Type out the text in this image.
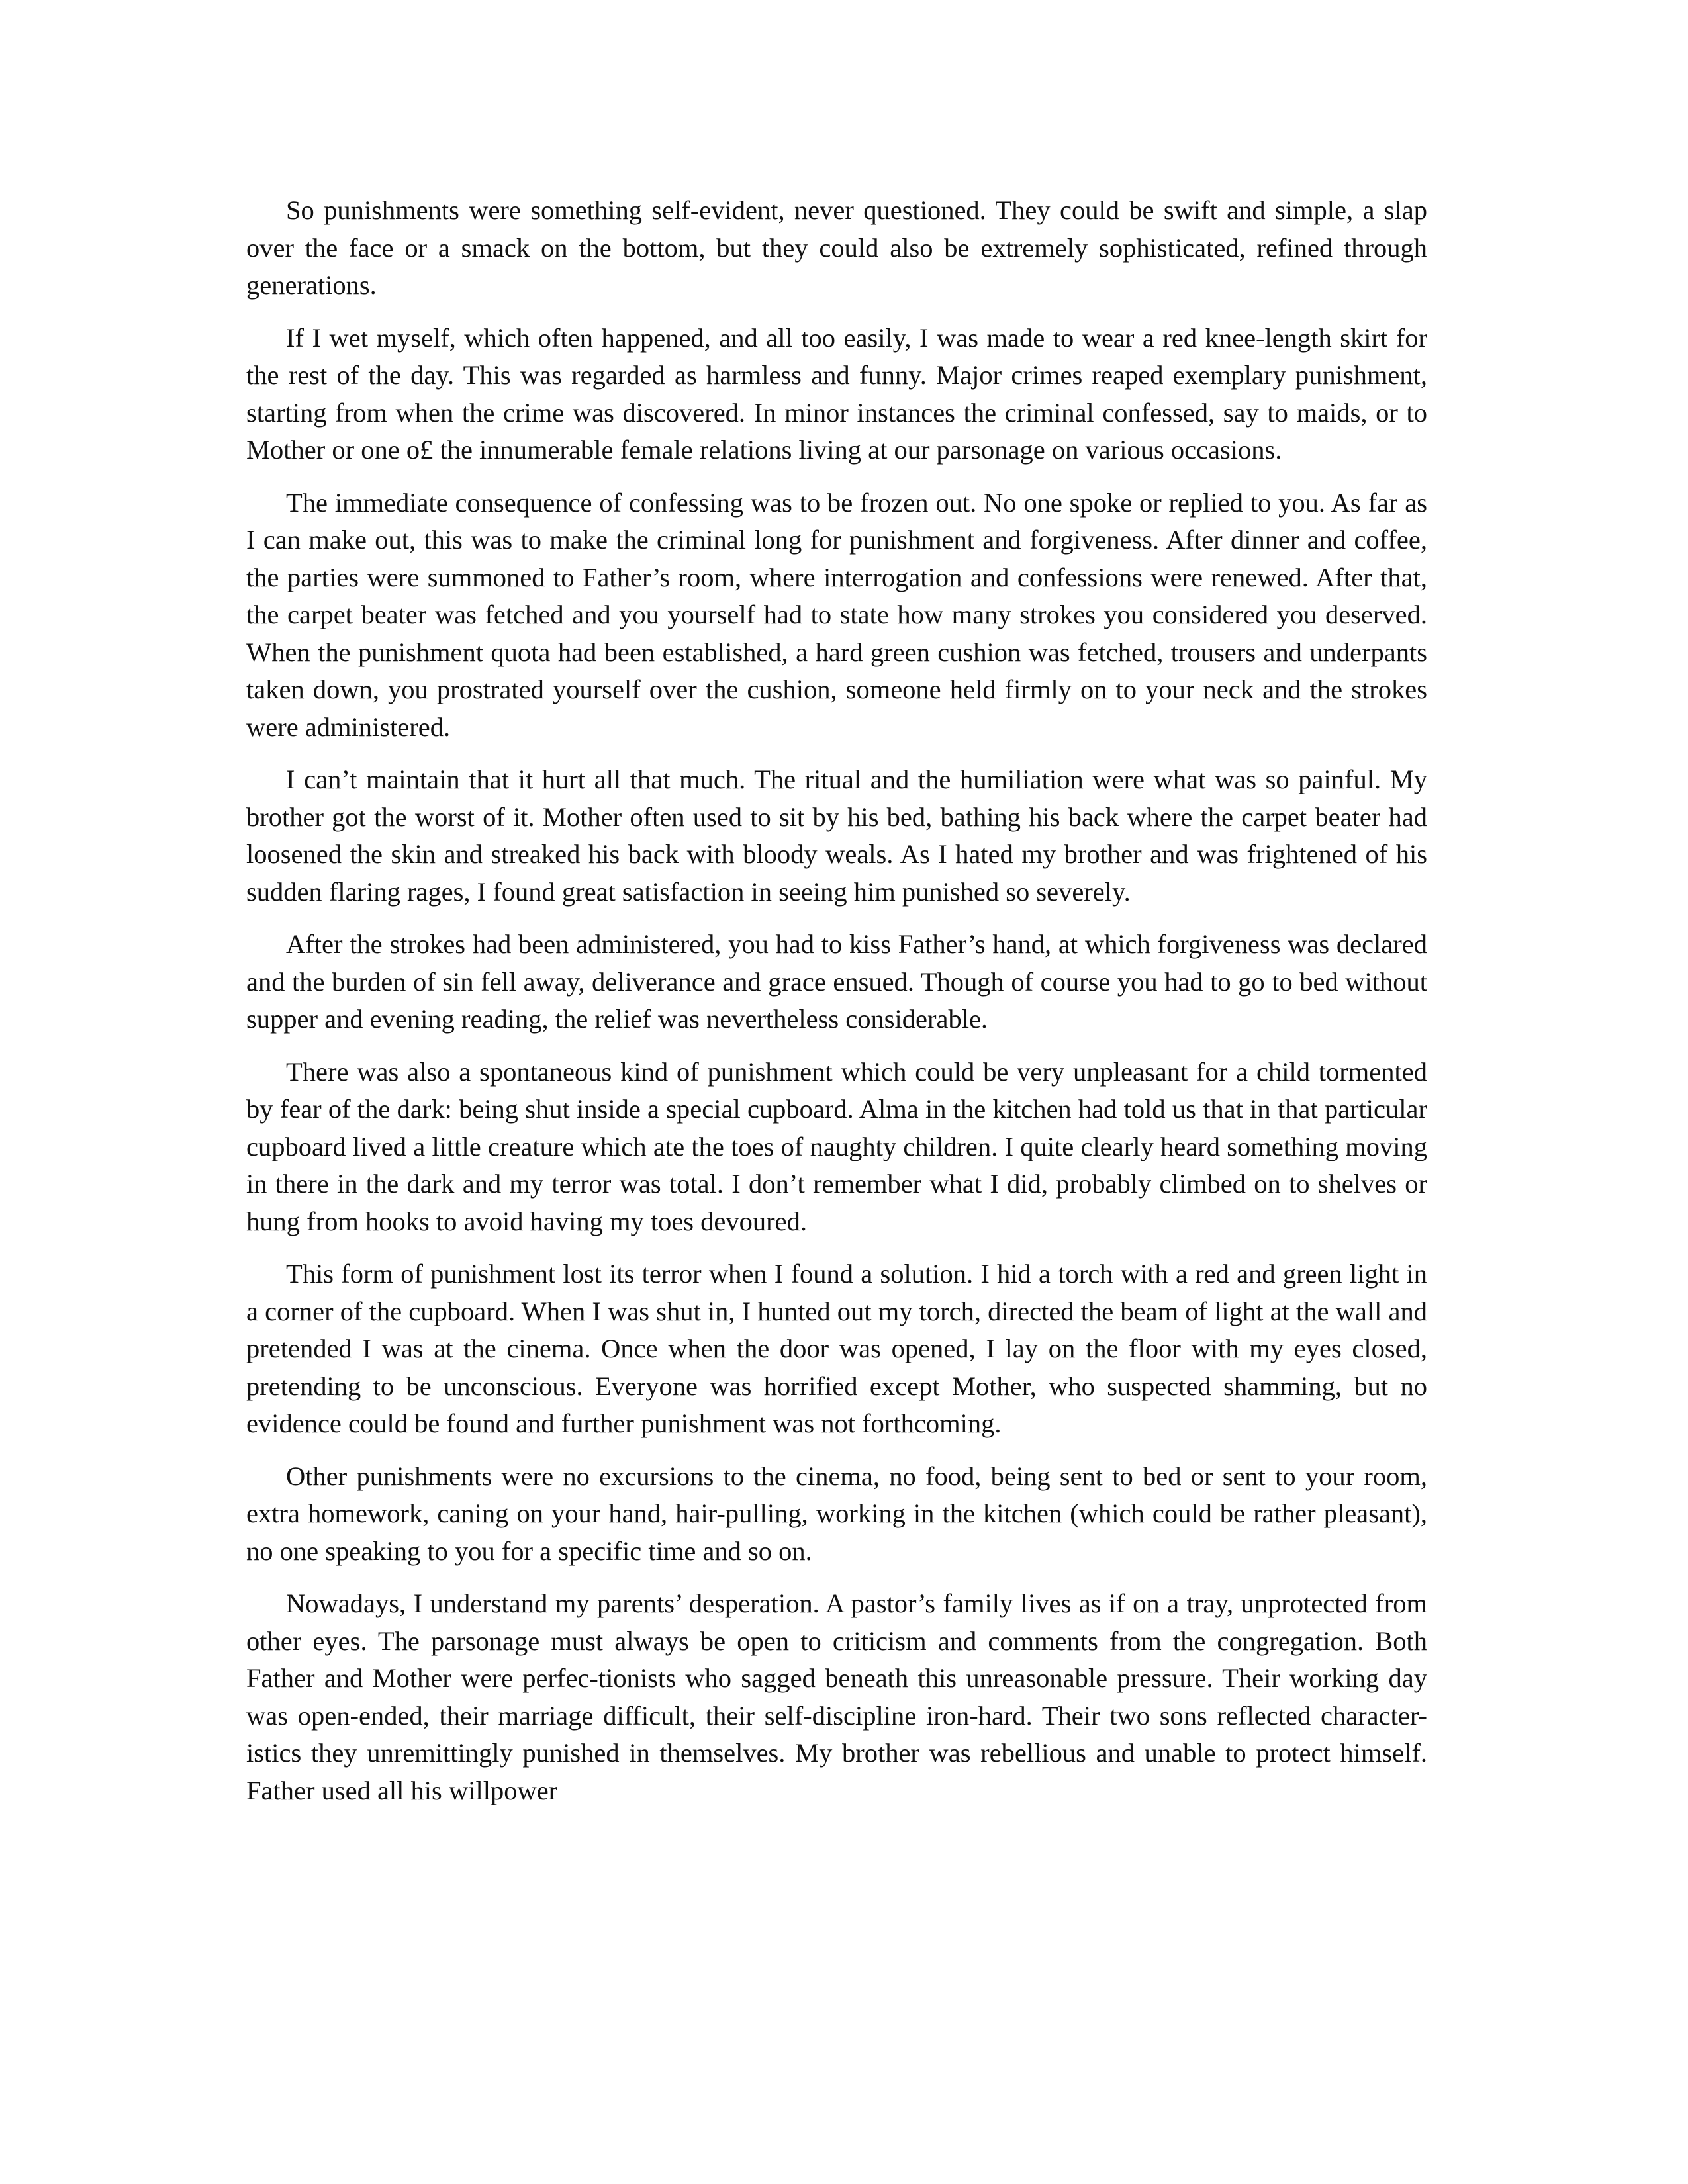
So punishments were something self-evident, never questioned. They could be swift and simple, a slap over the face or a smack on the bottom, but they could also be extremely sophisticated, refined through generations.

If I wet myself, which often happened, and all too easily, I was made to wear a red knee-length skirt for the rest of the day. This was regarded as harmless and funny. Major crimes reaped exemplary punishment, starting from when the crime was discovered. In minor instances the criminal confessed, say to maids, or to Mother or one o£ the innumerable female relations living at our parsonage on various occasions.

The immediate consequence of confessing was to be frozen out. No one spoke or replied to you. As far as I can make out, this was to make the criminal long for punishment and forgiveness. After dinner and coffee, the parties were summoned to Father’s room, where interrogation and confessions were renewed. After that, the carpet beater was fetched and you yourself had to state how many strokes you considered you deserved. When the punishment quota had been established, a hard green cushion was fetched, trousers and underpants taken down, you prostrated yourself over the cushion, someone held firmly on to your neck and the strokes were administered.

I can’t maintain that it hurt all that much. The ritual and the humiliation were what was so painful. My brother got the worst of it. Mother often used to sit by his bed, bathing his back where the carpet beater had loosened the skin and streaked his back with bloody weals. As I hated my brother and was frightened of his sudden flaring rages, I found great satisfaction in seeing him punished so severely.

After the strokes had been administered, you had to kiss Father’s hand, at which forgiveness was declared and the burden of sin fell away, deliverance and grace ensued. Though of course you had to go to bed without supper and evening reading, the relief was nevertheless considerable.

There was also a spontaneous kind of punishment which could be very unpleasant for a child tormented by fear of the dark: being shut inside a special cupboard. Alma in the kitchen had told us that in that particular cupboard lived a little creature which ate the toes of naughty children. I quite clearly heard something moving in there in the dark and my terror was total. I don’t remember what I did, probably climbed on to shelves or hung from hooks to avoid having my toes devoured.

This form of punishment lost its terror when I found a solution. I hid a torch with a red and green light in a corner of the cupboard. When I was shut in, I hunted out my torch, directed the beam of light at the wall and pretended I was at the cinema. Once when the door was opened, I lay on the floor with my eyes closed, pretending to be unconscious. Everyone was horrified except Mother, who suspected shamming, but no evidence could be found and further punishment was not forthcoming.

Other punishments were no excursions to the cinema, no food, being sent to bed or sent to your room, extra homework, caning on your hand, hair-pulling, working in the kitchen (which could be rather pleasant), no one speaking to you for a specific time and so on.

Nowadays, I understand my parents’ desperation. A pastor’s family lives as if on a tray, unprotected from other eyes. The parsonage must always be open to criticism and comments from the congregation. Both Father and Mother were perfec-tionists who sagged beneath this unreasonable pressure. Their working day was open-ended, their marriage difficult, their self-discipline iron-hard. Their two sons reflected character-istics they unremittingly punished in themselves. My brother was rebellious and unable to protect himself. Father used all his willpower
